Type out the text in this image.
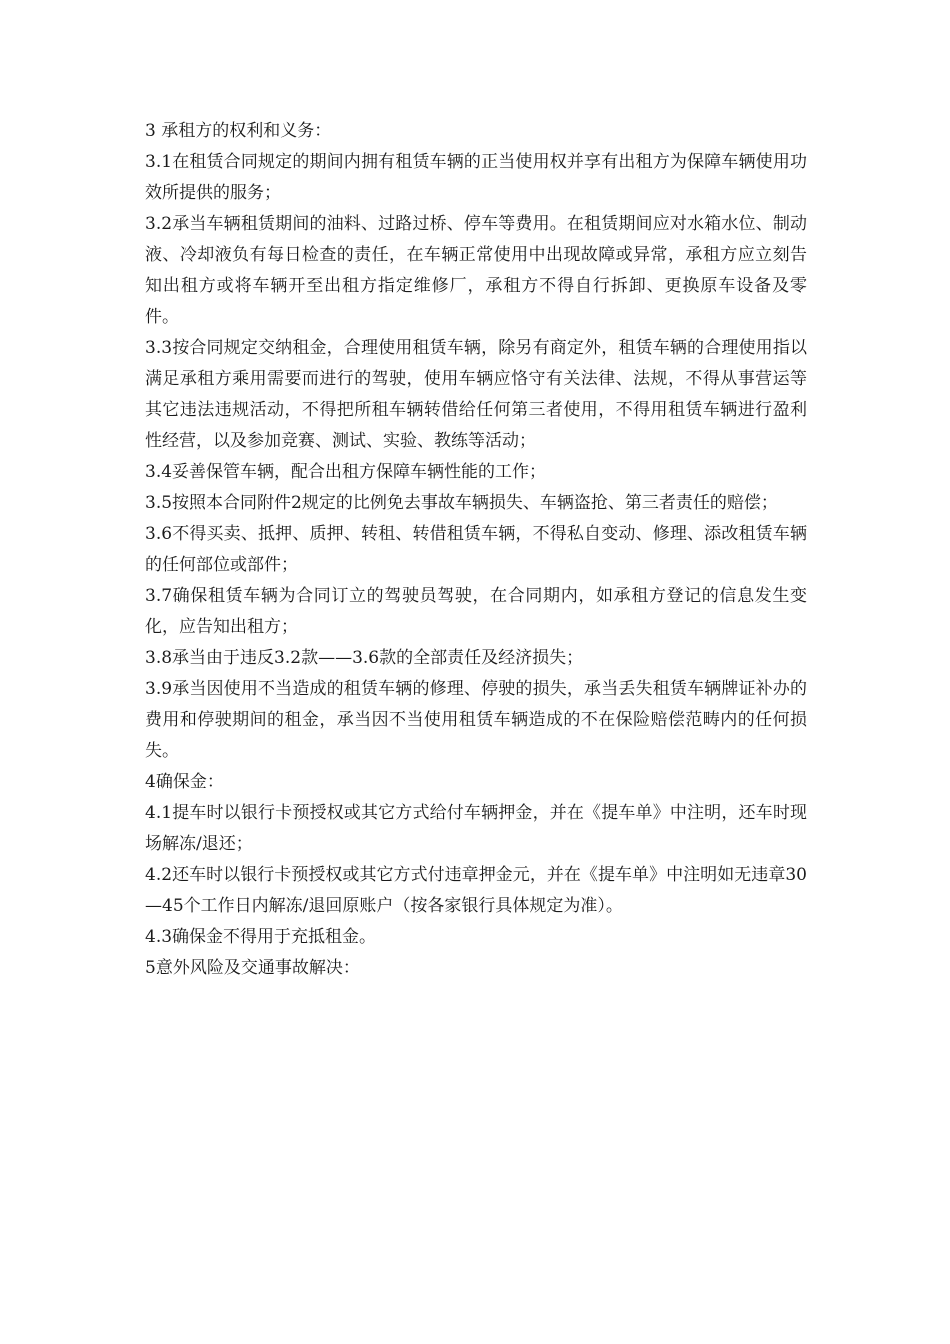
3 承租方的权利和义务：

3.1在租赁合同规定的期间内拥有租赁车辆的正当使用权并享有出租方为保障车辆使用功效所提供的服务；

3.2承当车辆租赁期间的油料、过路过桥、停车等费用。在租赁期间应对水箱水位、制动液、冷却液负有每日检查的责任，在车辆正常使用中出现故障或异常，承租方应立刻告知出租方或将车辆开至出租方指定维修厂，承租方不得自行拆卸、更换原车设备及零件。

3.3按合同规定交纳租金，合理使用租赁车辆，除另有商定外，租赁车辆的合理使用指以满足承租方乘用需要而进行的驾驶，使用车辆应恪守有关法律、法规，不得从事营运等其它违法违规活动，不得把所租车辆转借给任何第三者使用，不得用租赁车辆进行盈利性经营，以及参加竞赛、测试、实验、教练等活动；

3.4妥善保管车辆，配合出租方保障车辆性能的工作；

3.5按照本合同附件2规定的比例免去事故车辆损失、车辆盗抢、第三者责任的赔偿；

3.6不得买卖、抵押、质押、转租、转借租赁车辆，不得私自变动、修理、添改租赁车辆的任何部位或部件；

3.7确保租赁车辆为合同订立的驾驶员驾驶，在合同期内，如承租方登记的信息发生变化，应告知出租方；

3.8承当由于违反3.2款——3.6款的全部责任及经济损失；

3.9承当因使用不当造成的租赁车辆的修理、停驶的损失，承当丢失租赁车辆牌证补办的费用和停驶期间的租金，承当因不当使用租赁车辆造成的不在保险赔偿范畴内的任何损失。

4确保金：

4.1提车时以银行卡预授权或其它方式给付车辆押金，并在《提车单》中注明，还车时现场解冻/退还；

4.2还车时以银行卡预授权或其它方式付违章押金元，并在《提车单》中注明如无违章30—45个工作日内解冻/退回原账户（按各家银行具体规定为准）。

4.3确保金不得用于充抵租金。

5意外风险及交通事故解决：
